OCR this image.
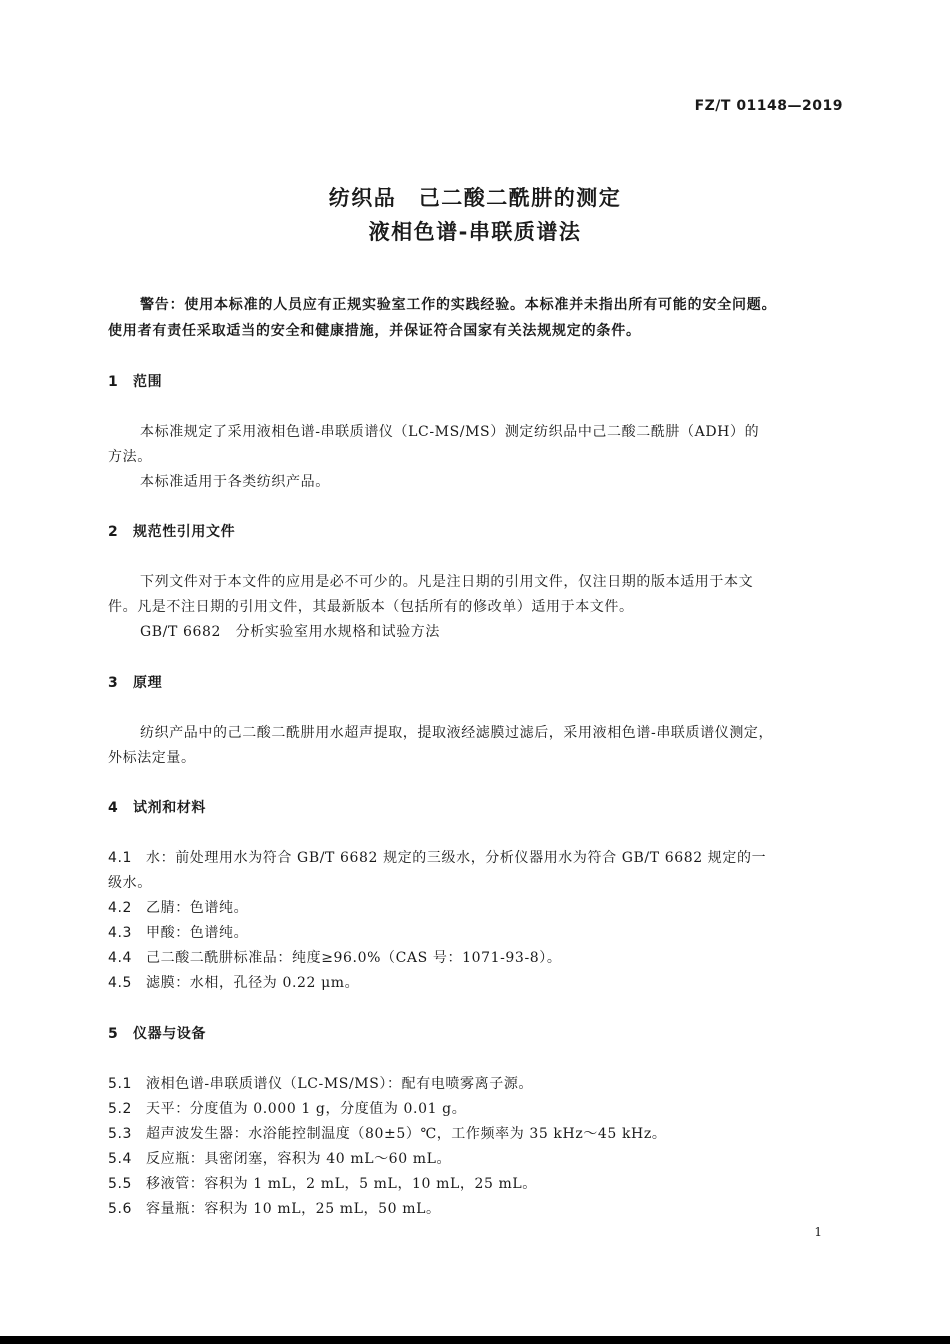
FZ/T 01148—2019
纺织品　己二酸二酰肼的测定
液相色谱-串联质谱法
警告：使用本标准的人员应有正规实验室工作的实践经验。本标准并未指出所有可能的安全问题。
使用者有责任采取适当的安全和健康措施，并保证符合国家有关法规规定的条件。
1 范围
本标准规定了采用液相色谱-串联质谱仪（LC-MS/MS）测定纺织品中己二酸二酰肼（ADH）的
方法。
本标准适用于各类纺织产品。
2 规范性引用文件
下列文件对于本文件的应用是必不可少的。凡是注日期的引用文件，仅注日期的版本适用于本文
件。凡是不注日期的引用文件，其最新版本（包括所有的修改单）适用于本文件。
GB/T 6682　分析实验室用水规格和试验方法
3 原理
纺织产品中的己二酸二酰肼用水超声提取，提取液经滤膜过滤后，采用液相色谱-串联质谱仪测定，
外标法定量。
4 试剂和材料
4.1 水：前处理用水为符合 GB/T 6682 规定的三级水，分析仪器用水为符合 GB/T 6682 规定的一
级水。
4.2 乙腈：色谱纯。
4.3 甲酸：色谱纯。
4.4 己二酸二酰肼标准品：纯度≥96.0%（CAS 号：1071-93-8）。
4.5 滤膜：水相，孔径为 0.22 μm。
5 仪器与设备
5.1 液相色谱-串联质谱仪（LC-MS/MS）：配有电喷雾离子源。
5.2 天平：分度值为 0.000 1 g，分度值为 0.01 g。
5.3 超声波发生器：水浴能控制温度（80±5）℃，工作频率为 35 kHz～45 kHz。
5.4 反应瓶：具密闭塞，容积为 40 mL～60 mL。
5.5 移液管：容积为 1 mL，2 mL，5 mL，10 mL，25 mL。
5.6 容量瓶：容积为 10 mL，25 mL，50 mL。
1
